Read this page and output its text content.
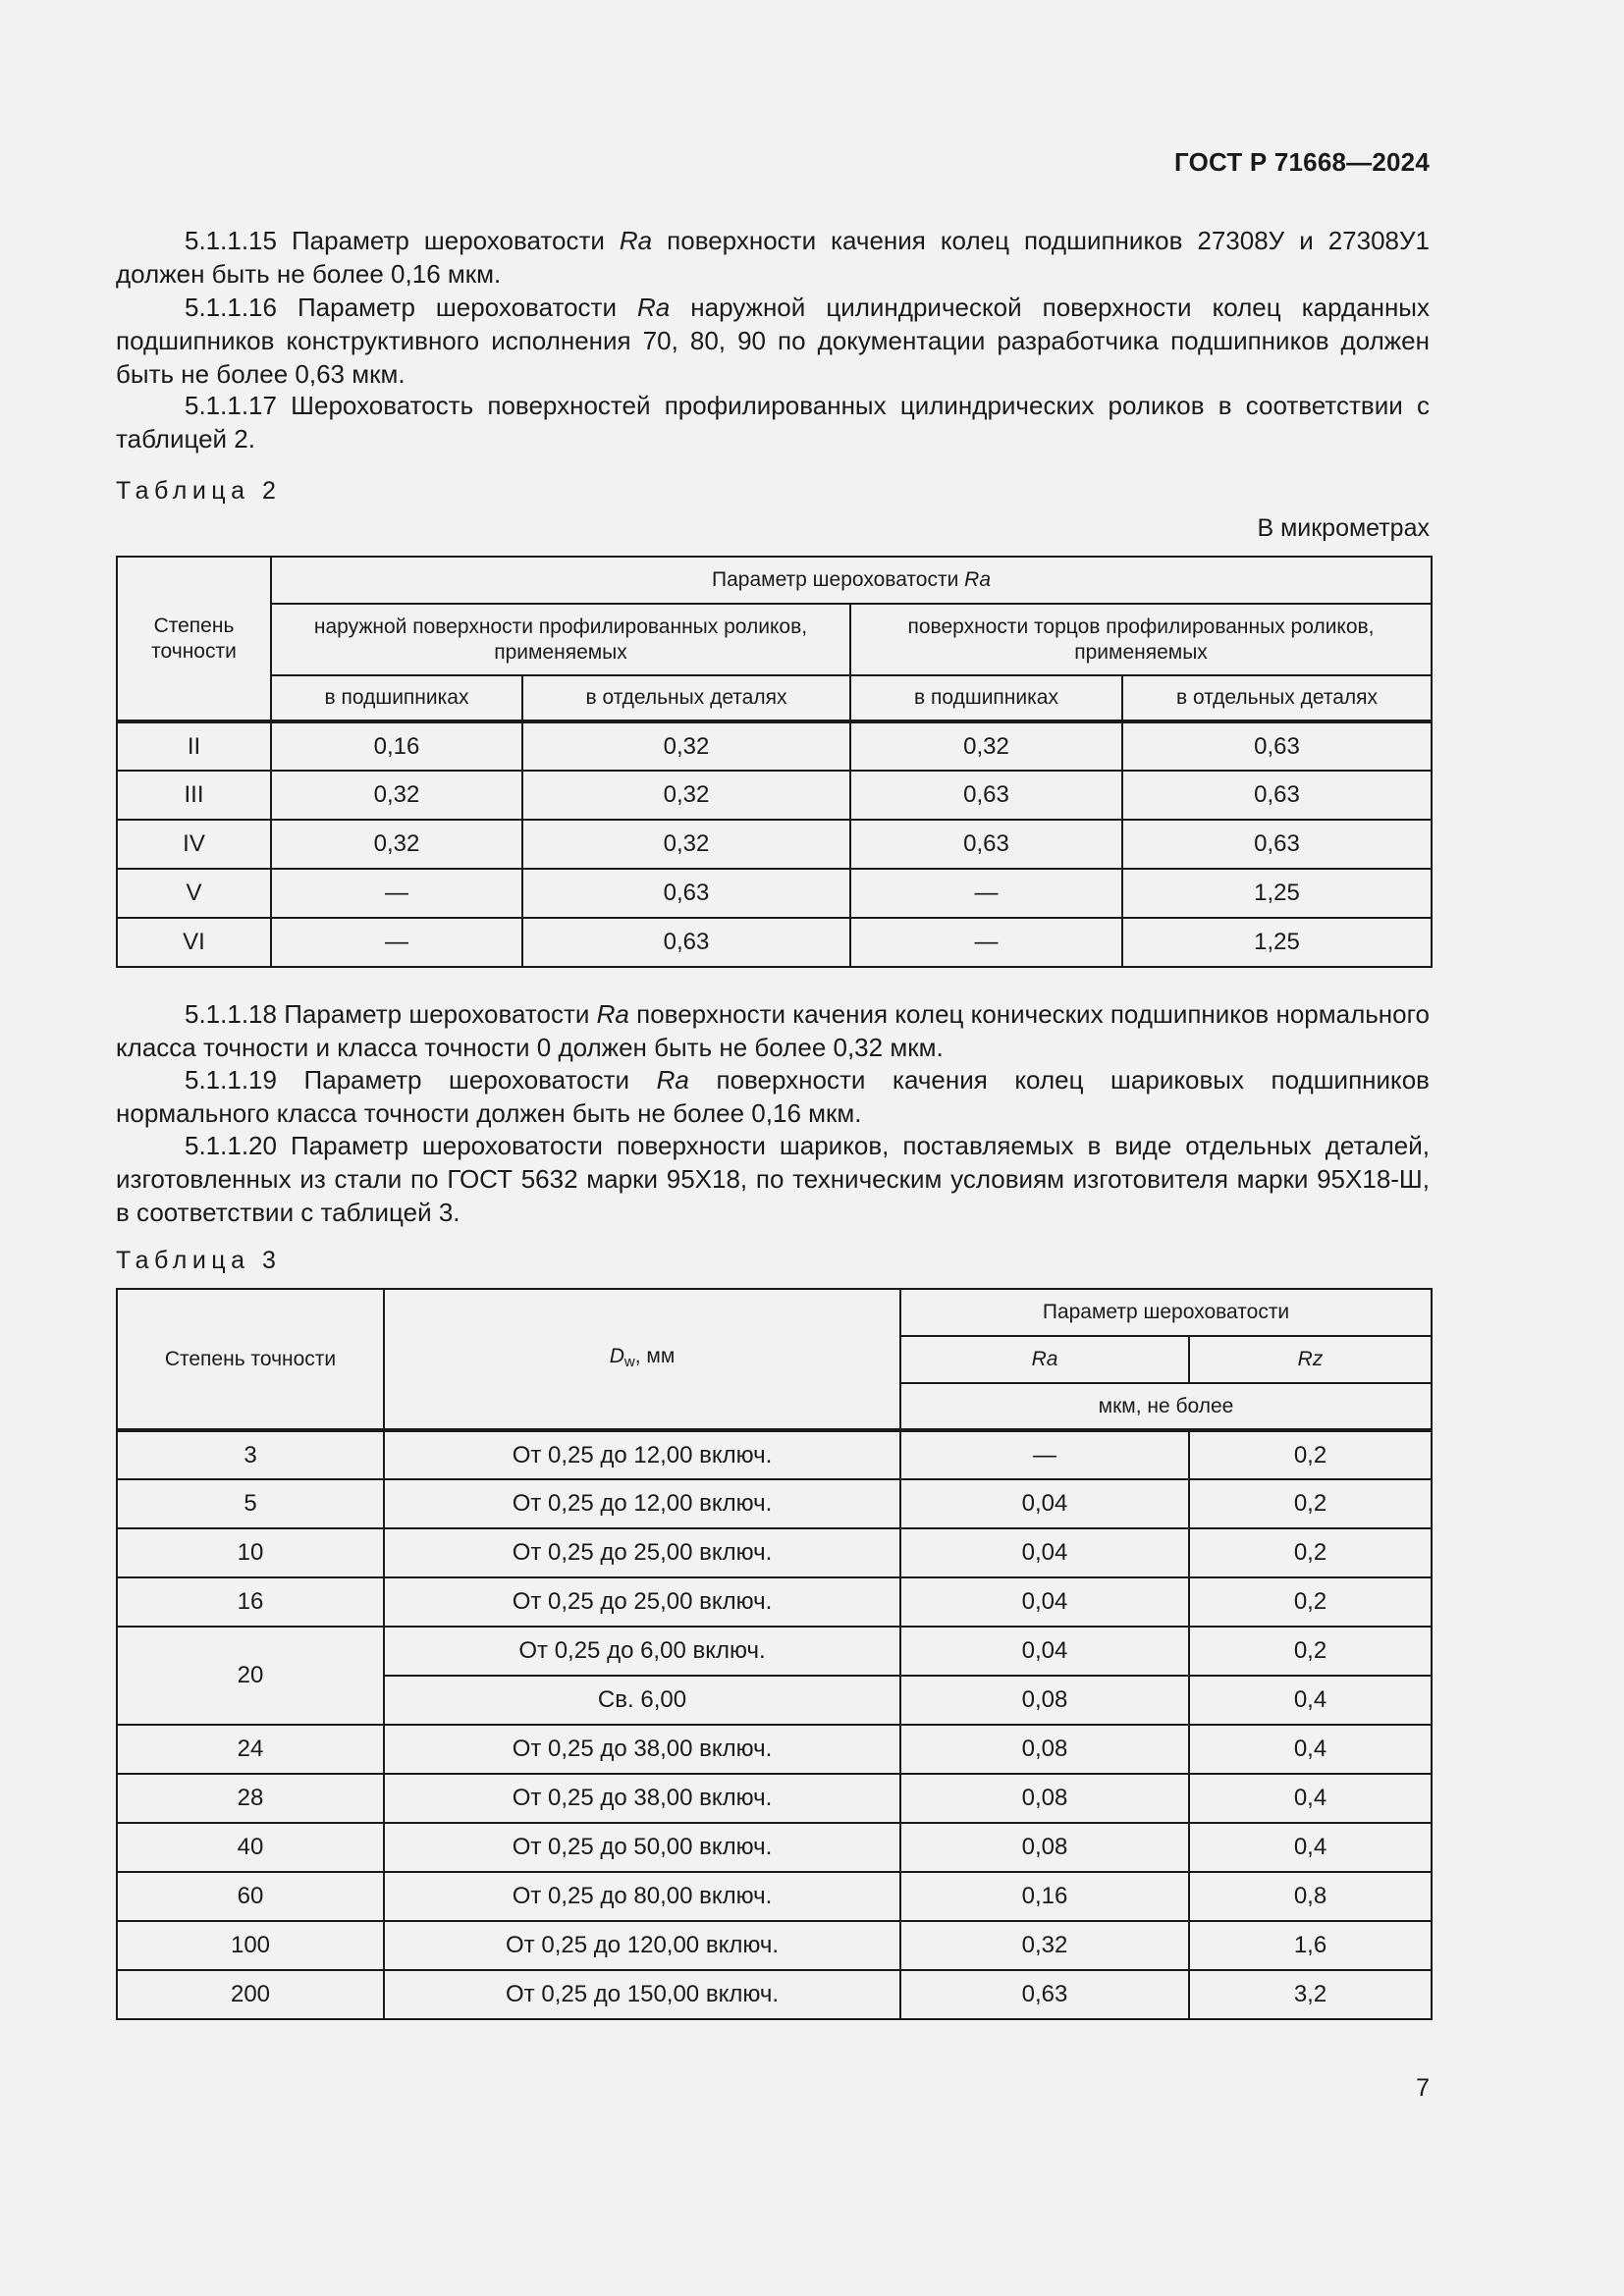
ГОСТ Р 71668—2024
5.1.1.15 Параметр шероховатости Ra поверхности качения колец подшипников 27308У и 27308У1 должен быть не более 0,16 мкм.
5.1.1.16 Параметр шероховатости Ra наружной цилиндрической поверхности колец карданных подшипников конструктивного исполнения 70, 80, 90 по документации разработчика подшипников должен быть не более 0,63 мкм.
5.1.1.17 Шероховатость поверхностей профилированных цилиндрических роликов в соответствии с таблицей 2.
Таблица 2
В микрометрах
Степень точности	Параметр шероховатости Ra			
	наружной поверхности профилированных роликов, применяемых		поверхности торцов профилированных роликов, применяемых	
	в подшипниках	в отдельных деталях	в подшипниках	в отдельных деталях
II	0,16	0,32	0,32	0,63
III	0,32	0,32	0,63	0,63
IV	0,32	0,32	0,63	0,63
V	—	0,63	—	1,25
VI	—	0,63	—	1,25
5.1.1.18 Параметр шероховатости Ra поверхности качения колец конических подшипников нормального класса точности и класса точности 0 должен быть не более 0,32 мкм.
5.1.1.19 Параметр шероховатости Ra поверхности качения колец шариковых подшипников нормального класса точности должен быть не более 0,16 мкм.
5.1.1.20 Параметр шероховатости поверхности шариков, поставляемых в виде отдельных деталей, изготовленных из стали по ГОСТ 5632 марки 95Х18, по техническим условиям изготовителя марки 95Х18-Ш, в соответствии с таблицей 3.
Таблица 3
Степень точности	$D_w$, мм	Параметр шероховатости	
		Ra	Rz
		мкм, не более	
3	От 0,25 до 12,00 включ.	—	0,2
5	От 0,25 до 12,00 включ.	0,04	0,2
10	От 0,25 до 25,00 включ.	0,04	0,2
16	От 0,25 до 25,00 включ.	0,04	0,2
20	От 0,25 до 6,00 включ.	0,04	0,2
	Св. 6,00	0,08	0,4
24	От 0,25 до 38,00 включ.	0,08	0,4
28	От 0,25 до 38,00 включ.	0,08	0,4
40	От 0,25 до 50,00 включ.	0,08	0,4
60	От 0,25 до 80,00 включ.	0,16	0,8
100	От 0,25 до 120,00 включ.	0,32	1,6
200	От 0,25 до 150,00 включ.	0,63	3,2
7
